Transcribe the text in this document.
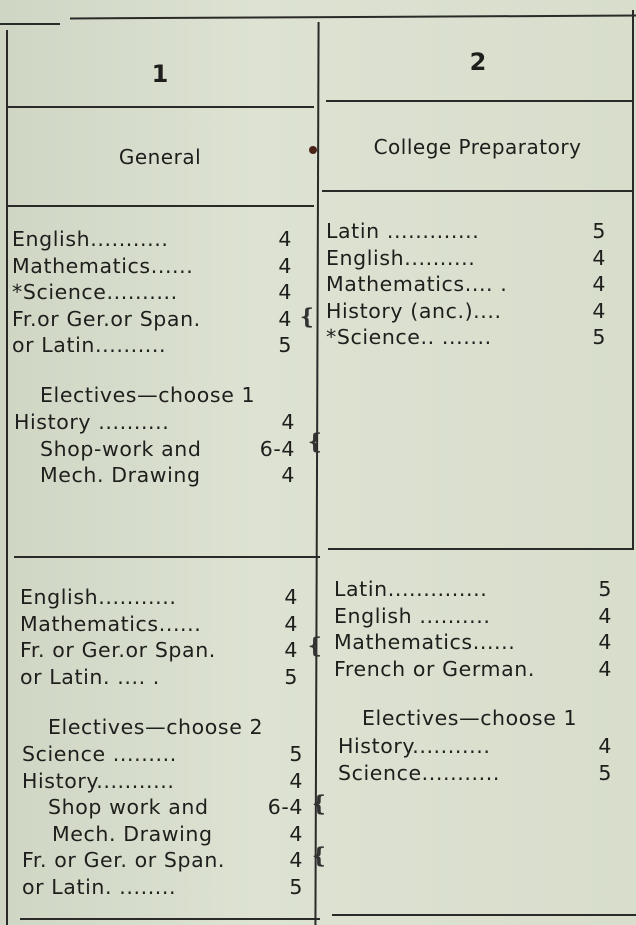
1	2
General	College Preparatory
English...........	4
Mathematics......	4
*Science..........	4
Fr.or Ger.or Span.	4
or Latin..........	5
Electives—choose 1
History ..........	4
Shop-work and	6-4
Mech. Drawing	4
Latin .............	5
English..........	4
Mathematics.... .	4
History (anc.)....	4
*Science.. .......	5
English...........	4
Mathematics......	4
Fr. or Ger.or Span.	4
or Latin. .... .	5
Electives—choose 2
Science .........	5
History...........	4
Shop work and	6-4
Mech. Drawing	4
Fr. or Ger. or Span.	4
or Latin. ........	5
Latin..............	5
English ..........	4
Mathematics......	4
French or German.	4
Electives—choose 1
History...........	4
Science...........	5
❴
❴
❴
❴
❴
